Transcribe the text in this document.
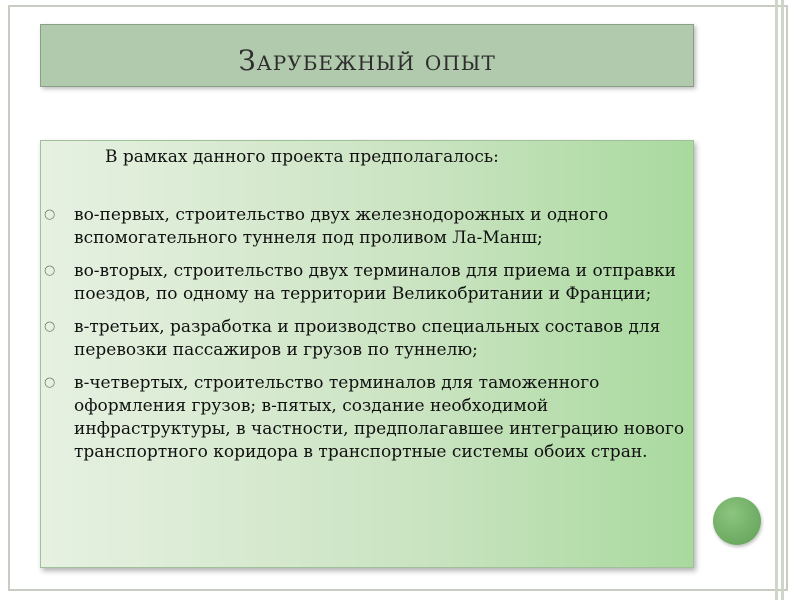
Зарубежный опыт
В рамках данного проекта предполагалось:
○ во-первых, строительство двух железнодорожных и одного вспомогательного туннеля под проливом Ла-Манш;
○ во-вторых, строительство двух терминалов для приема и отправки поездов, по одному на территории Великобритании и Франции;
○ в-третьих, разработка и производство специальных составов для перевозки пассажиров и грузов по туннелю;
○ в-четвертых, строительство терминалов для таможенного оформления грузов; в-пятых, создание необходимой инфраструктуры, в частности, предполагавшее интеграцию нового транспортного коридора в транспортные системы обоих стран.
